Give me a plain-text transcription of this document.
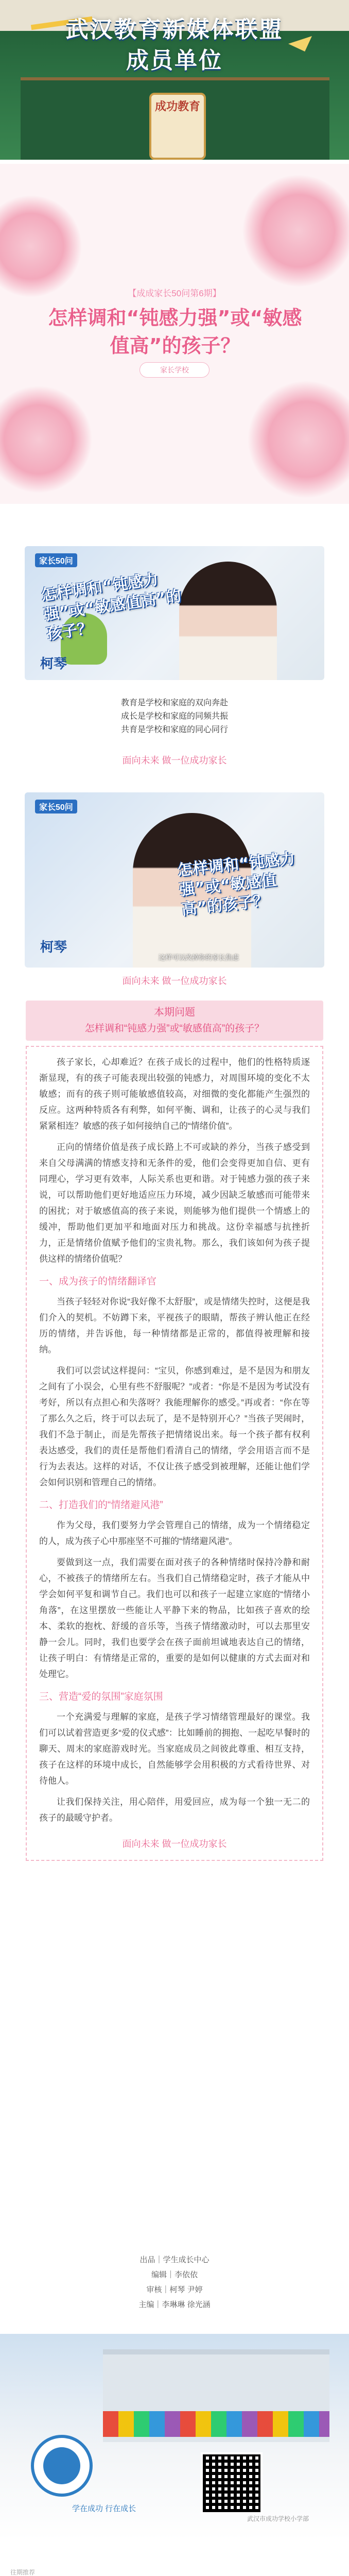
成功教育
武汉教育新媒体联盟
成员单位
【成成家长50问第6期】
怎样调和“钝感力强”或“敏感值高”的孩子？
家长学校
家长50问
怎样调和“钝感力强”或“敏感值高”的孩子？
柯琴
教育是学校和家庭的双向奔赴
成长是学校和家庭的同频共振
共育是学校和家庭的同心同行
面向未来 做一位成功家长
家长50问
怎样调和“钝感力强”或“敏感值高”的孩子？
柯琴
这样可以改掉你的家长焦虑
面向未来 做一位成功家长
本期问题
怎样调和“钝感力强”或“敏感值高”的孩子？

孩子家长，心却难近？在孩子成长的过程中，他们的性格特质逐渐显现，有的孩子可能表现出较强的钝感力，对周围环境的变化不太敏感；而有的孩子则可能敏感值较高，对细微的变化都能产生强烈的反应。这两种特质各有利弊，如何平衡、调和，让孩子的心灵与我们紧紧相连？敏感的孩子如何接纳自己的“情绪价值”。

正向的情绪价值是孩子成长路上不可或缺的养分，当孩子感受到来自父母满满的情感支持和无条件的爱，他们会变得更加自信、更有同理心，学习更有效率，人际关系也更和谐。对于钝感力强的孩子来说，可以帮助他们更好地适应压力环境，减少因缺乏敏感而可能带来的困扰；对于敏感值高的孩子来说，则能够为他们提供一个情感上的缓冲，帮助他们更加平和地面对压力和挑战。这份幸福感与抗挫折力，正是情绪价值赋予他们的宝贵礼物。那么，我们该如何为孩子提供这样的情绪价值呢？

一、成为孩子的情绪翻译官

当孩子轻轻对你说“我好像不太舒服”，或是情绪失控时，这便是我们介入的契机。不妨蹲下来，平视孩子的眼睛，帮孩子辨认他正在经历的情绪，并告诉他，每一种情绪都是正常的，都值得被理解和接纳。

我们可以尝试这样提问：“宝贝，你感到难过，是不是因为和朋友之间有了小误会，心里有些不舒服呢？”或者：“你是不是因为考试没有考好，所以有点担心和失落呀？我能理解你的感受。”再或者：“你在等了那么久之后，终于可以去玩了，是不是特别开心？”当孩子哭闹时，我们不急于制止，而是先帮孩子把情绪说出来。每一个孩子都有权利表达感受，我们的责任是帮他们看清自己的情绪，学会用语言而不是行为去表达。这样的对话，不仅让孩子感受到被理解，还能让他们学会如何识别和管理自己的情绪。

二、打造我们的“情绪避风港”

作为父母，我们要努力学会管理自己的情绪，成为一个情绪稳定的人，成为孩子心中那座坚不可摧的“情绪避风港”。

要做到这一点，我们需要在面对孩子的各种情绪时保持冷静和耐心，不被孩子的情绪所左右。当我们自己情绪稳定时，孩子才能从中学会如何平复和调节自己。我们也可以和孩子一起建立家庭的“情绪小角落”，在这里摆放一些能让人平静下来的物品，比如孩子喜欢的绘本、柔软的抱枕、舒缓的音乐等，当孩子情绪激动时，可以去那里安静一会儿。同时，我们也要学会在孩子面前坦诚地表达自己的情绪，让孩子明白：有情绪是正常的，重要的是如何以健康的方式去面对和处理它。

三、营造“爱的氛围”家庭氛围

一个充满爱与理解的家庭，是孩子学习情绪管理最好的课堂。我们可以试着营造更多“爱的仪式感”：比如睡前的拥抱、一起吃早餐时的聊天、周末的家庭游戏时光。当家庭成员之间彼此尊重、相互支持，孩子在这样的环境中成长，自然能够学会用积极的方式看待世界、对待他人。

让我们保持关注，用心陪伴，用爱回应，成为每一个独一无二的孩子的最暖守护者。

面向未来 做一位成功家长
出品｜学生成长中心
编辑｜李依依
审核｜柯琴 尹婷
主编｜李琳琳 徐光涵
学在成功 行在成长
武汉市成功学校小学部
往期推荐
